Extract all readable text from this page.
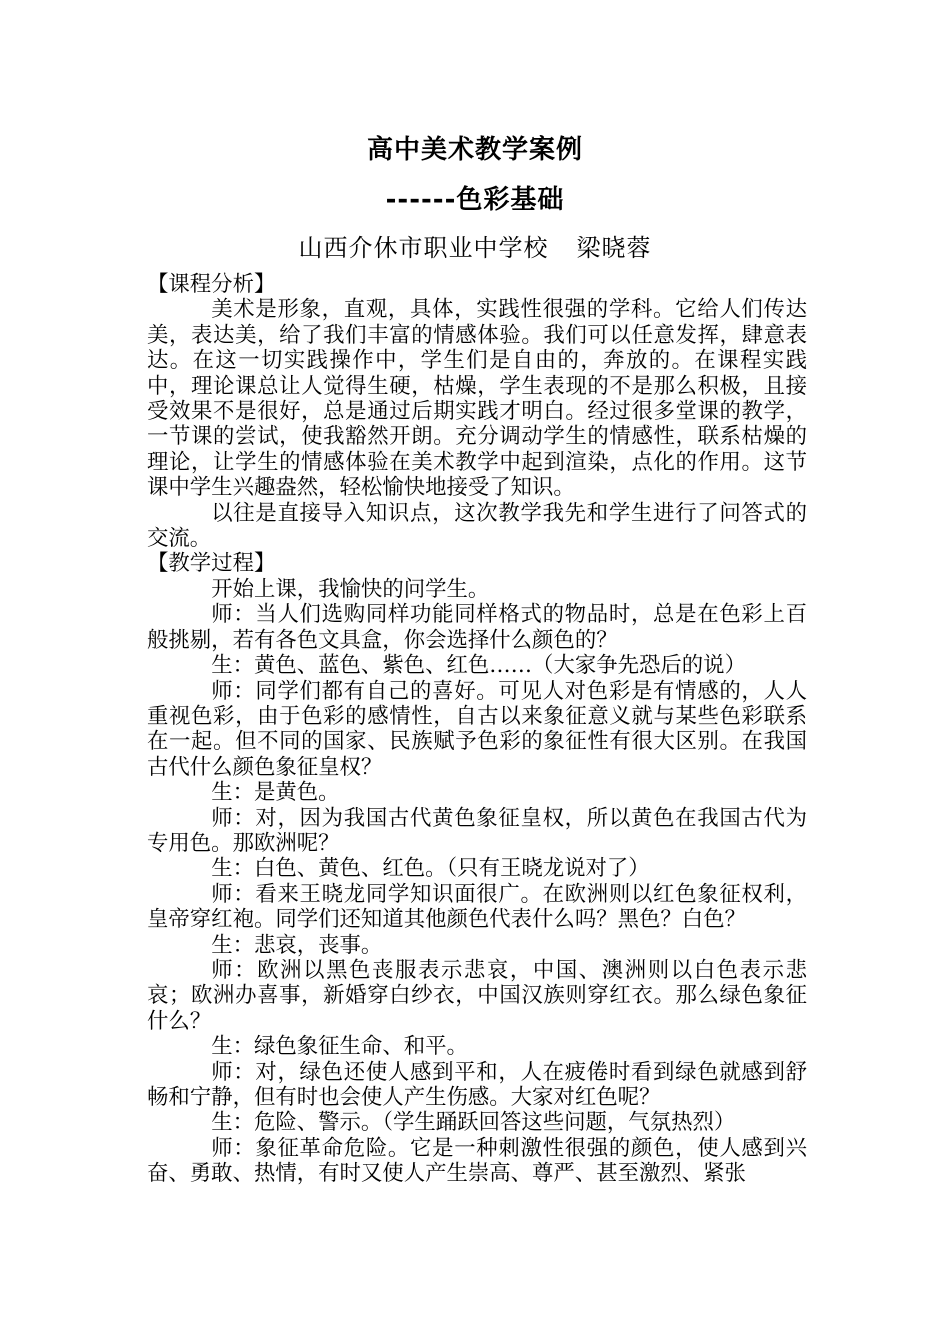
高中美术教学案例
------色彩基础
山西介休市职业中学校 梁晓蓉

【课程分析】

美术是形象，直观，具体，实践性很强的学科。它给人们传达美，表达美，给了我们丰富的情感体验。我们可以任意发挥，肆意表达。在这一切实践操作中，学生们是自由的，奔放的。在课程实践中，理论课总让人觉得生硬，枯燥，学生表现的不是那么积极，且接受效果不是很好，总是通过后期实践才明白。经过很多堂课的教学，一节课的尝试，使我豁然开朗。充分调动学生的情感性，联系枯燥的理论，让学生的情感体验在美术教学中起到渲染，点化的作用。这节课中学生兴趣盎然，轻松愉快地接受了知识。

以往是直接导入知识点，这次教学我先和学生进行了问答式的交流。

【教学过程】

开始上课，我愉快的问学生。

师：当人们选购同样功能同样格式的物品时，总是在色彩上百般挑剔，若有各色文具盒，你会选择什么颜色的？

生：黄色、蓝色、紫色、红色……（大家争先恐后的说）

师：同学们都有自己的喜好。可见人对色彩是有情感的，人人重视色彩，由于色彩的感情性，自古以来象征意义就与某些色彩联系在一起。但不同的国家、民族赋予色彩的象征性有很大区别。在我国古代什么颜色象征皇权？

生：是黄色。

师：对，因为我国古代黄色象征皇权，所以黄色在我国古代为专用色。那欧洲呢？

生：白色、黄色、红色。（只有王晓龙说对了）

师：看来王晓龙同学知识面很广。在欧洲则以红色象征权利，皇帝穿红袍。同学们还知道其他颜色代表什么吗？黑色？白色？

生：悲哀，丧事。

师：欧洲以黑色丧服表示悲哀，中国、澳洲则以白色表示悲哀；欧洲办喜事，新婚穿白纱衣，中国汉族则穿红衣。那么绿色象征什么？

生：绿色象征生命、和平。

师：对，绿色还使人感到平和，人在疲倦时看到绿色就感到舒畅和宁静，但有时也会使人产生伤感。大家对红色呢？

生：危险、警示。（学生踊跃回答这些问题，气氛热烈）

师：象征革命危险。它是一种刺激性很强的颜色，使人感到兴奋、勇敢、热情，有时又使人产生崇高、尊严、甚至激烈、紧张
